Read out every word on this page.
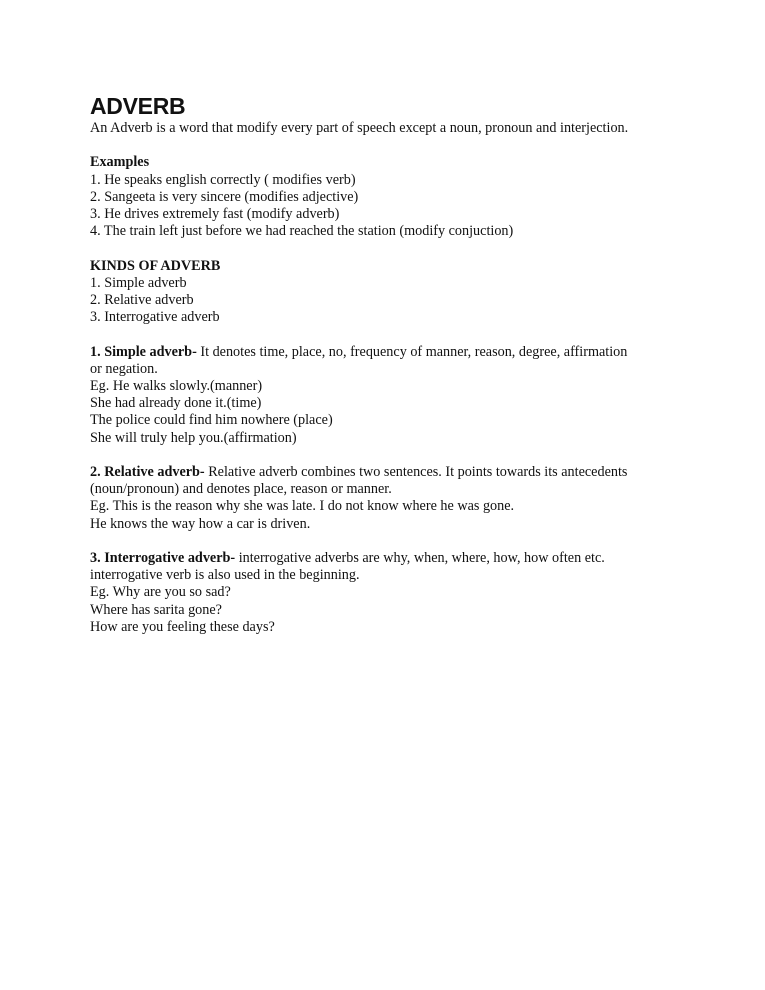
ADVERB

An Adverb is a word that modify every part of speech except a noun, pronoun and interjection.

Examples

1. He speaks english correctly ( modifies verb)

2. Sangeeta is very sincere (modifies adjective)

3. He drives extremely fast (modify adverb)

4. The train left just before we had reached the station (modify conjuction)

KINDS OF ADVERB

1. Simple adverb

2. Relative adverb

3. Interrogative adverb

1. Simple adverb- It denotes time, place, no, frequency of manner, reason, degree, affirmation

or negation.

Eg. He walks slowly.(manner)

She had already done it.(time)

The police could find him nowhere (place)

She will truly help you.(affirmation)

2. Relative adverb- Relative adverb combines two sentences. It points towards its antecedents

(noun/pronoun) and denotes place, reason or manner.

Eg. This is the reason why she was late. I do not know where he was gone.

He knows the way how a car is driven.

3. Interrogative adverb- interrogative adverbs are why, when, where, how, how often etc.

interrogative verb is also used in the beginning.

Eg. Why are you so sad?

Where has sarita gone?

How are you feeling these days?
